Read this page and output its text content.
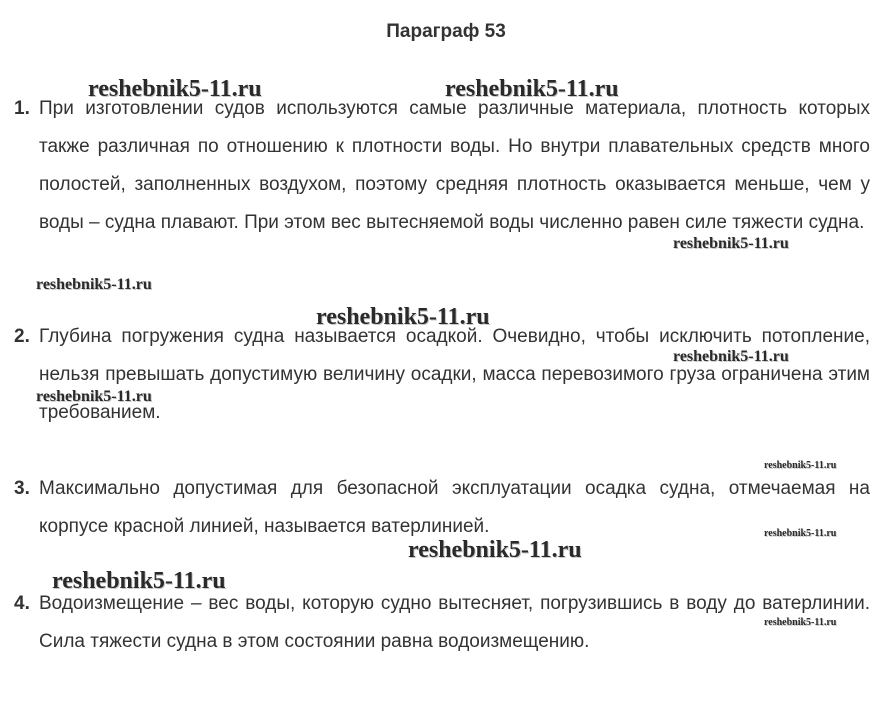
Параграф 53
1. При изготовлении судов используются самые различные материала, плотность которых также различная по отношению к плотности воды. Но внутри плавательных средств много полостей, заполненных воздухом, поэтому средняя плотность оказывается меньше, чем у воды – судна плавают. При этом вес вытесняемой воды численно равен силе тяжести судна.
2. Глубина погружения судна называется осадкой. Очевидно, чтобы исключить потопление, нельзя превышать допустимую величину осадки, масса перевозимого груза ограничена этим требованием.
3. Максимально допустимая для безопасной эксплуатации осадка судна, отмечаемая на корпусе красной линией, называется ватерлинией.
4. Водоизмещение – вес воды, которую судно вытесняет, погрузившись в воду до ватерлинии. Сила тяжести судна в этом состоянии равна водоизмещению.
reshebnik5-11.ru	reshebnik5-11.ru
reshebnik5-11.ru
reshebnik5-11.ru
reshebnik5-11.ru
reshebnik5-11.ru
reshebnik5-11.ru
reshebnik5-11.ru
reshebnik5-11.ru
reshebnik5-11.ru
reshebnik5-11.ru
reshebnik5-11.ru
